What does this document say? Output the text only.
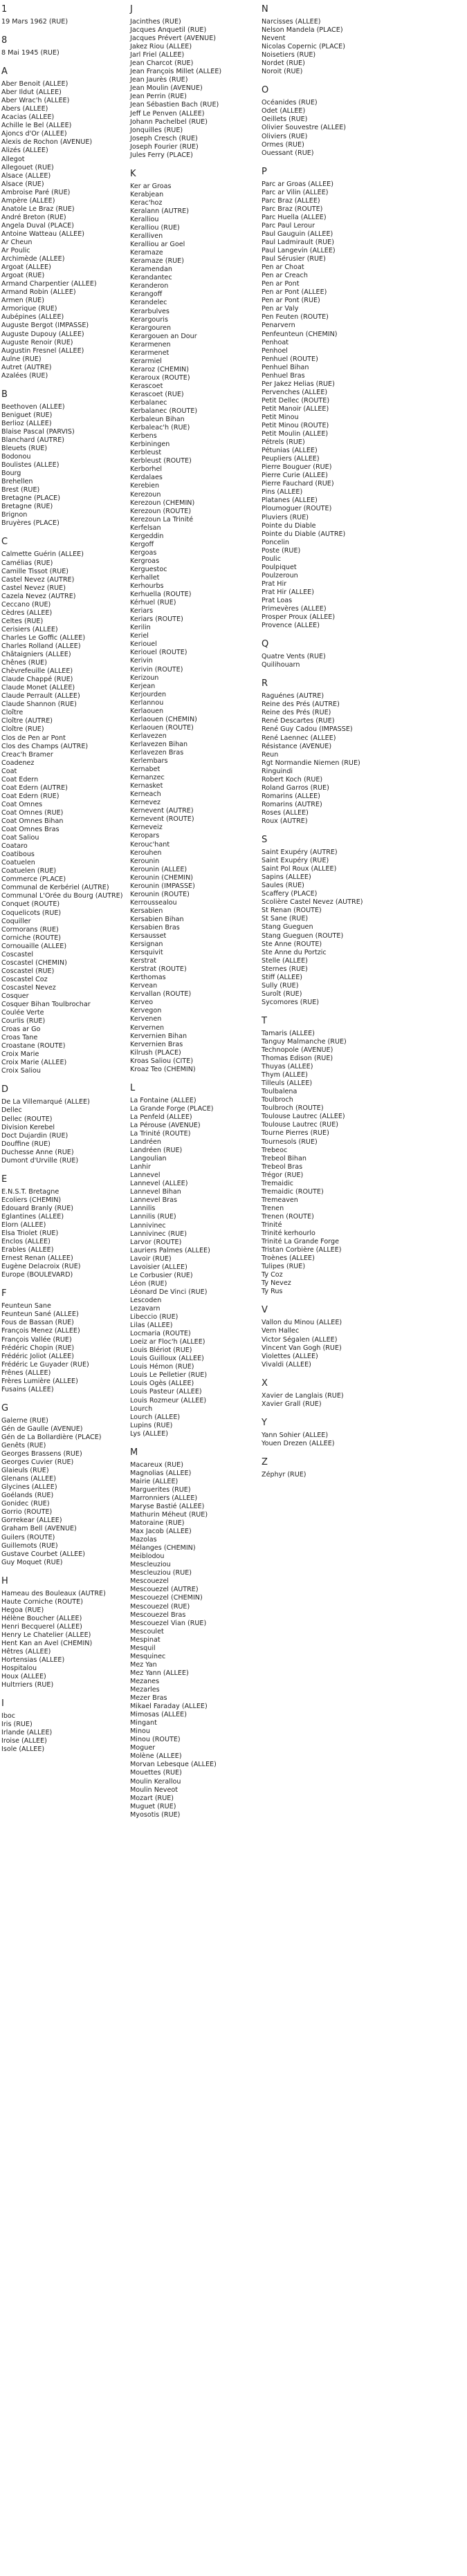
1
19 Mars 1962 (RUE)
8
8 Mai 1945 (RUE)
A
Aber Benoit (ALLEE)
Aber Ildut (ALLEE)
Aber Wrac'h (ALLEE)
Abers (ALLEE)
Acacias (ALLEE)
Achille le Bel (ALLEE)
Ajoncs d'Or (ALLEE)
Alexis de Rochon (AVENUE)
Alizés (ALLEE)
Allegot
Allegouet (RUE)
Alsace (ALLEE)
Alsace (RUE)
Ambroise Paré (RUE)
Ampère (ALLEE)
Anatole Le Braz (RUE)
André Breton (RUE)
Angela Duval (PLACE)
Antoine Watteau (ALLEE)
Ar Cheun
Ar Poulic
Archimède (ALLEE)
Argoat (ALLEE)
Argoat (RUE)
Armand Charpentier (ALLEE)
Armand Robin (ALLEE)
Armen (RUE)
Armorique (RUE)
Aubépines (ALLEE)
Auguste Bergot (IMPASSE)
Auguste Dupouy (ALLEE)
Auguste Renoir (RUE)
Augustin Fresnel (ALLEE)
Aulne (RUE)
Autret (AUTRE)
Azalées (RUE)
B
Beethoven (ALLEE)
Beniguet (RUE)
Berlioz (ALLEE)
Blaise Pascal (PARVIS)
Blanchard (AUTRE)
Bleuets (RUE)
Bodonou
Boulistes (ALLEE)
Bourg
Brehellen
Brest (RUE)
Bretagne (PLACE)
Bretagne (RUE)
Brignon
Bruyères (PLACE)
C
Calmette Guérin (ALLEE)
Camélias (RUE)
Camille Tissot (RUE)
Castel Nevez (AUTRE)
Castel Nevez (RUE)
Cazela Nevez (AUTRE)
Ceccano (RUE)
Cèdres (ALLEE)
Celtes (RUE)
Cerisiers (ALLEE)
Charles Le Goffic (ALLEE)
Charles Rolland (ALLEE)
Châtaigniers (ALLEE)
Chênes (RUE)
Chèvrefeuille (ALLEE)
Claude Chappé (RUE)
Claude Monet (ALLEE)
Claude Perrault (ALLEE)
Claude Shannon (RUE)
Cloître
Cloître (AUTRE)
Cloître (RUE)
Clos de Pen ar Pont
Clos des Champs (AUTRE)
Creac'h Bramer
Coadenez
Coat
Coat Edern
Coat Edern (AUTRE)
Coat Edern (RUE)
Coat Omnes
Coat Omnes (RUE)
Coat Omnes Bihan
Coat Omnes Bras
Coat Saliou
Coataro
Coatibous
Coatuelen
Coatuelen (RUE)
Commerce (PLACE)
Communal de Kerbériel (AUTRE)
Communal L'Orée du Bourg (AUTRE)
Conquet (ROUTE)
Coquelicots (RUE)
Coquiller
Cormorans (RUE)
Corniche (ROUTE)
Cornouaille (ALLEE)
Coscastel
Coscastel (CHEMIN)
Coscastel (RUE)
Coscastel Coz
Coscastel Nevez
Cosquer
Cosquer Bihan Toulbrochar
Coulée Verte
Courlis (RUE)
Croas ar Go
Croas Tane
Croastane (ROUTE)
Croix Marie
Croix Marie (ALLEE)
Croix Saliou
D
De La Villemarqué (ALLEE)
Dellec
Dellec (ROUTE)
Division Kerebel
Doct Dujardin (RUE)
Douffine (RUE)
Duchesse Anne (RUE)
Dumont d'Urville (RUE)
E
E.N.S.T. Bretagne
Ecoliers (CHEMIN)
Edouard Branly (RUE)
Eglantines (ALLEE)
Elorn (ALLEE)
Elsa Triolet (RUE)
Enclos (ALLEE)
Erables (ALLEE)
Ernest Renan (ALLEE)
Eugène Delacroix (RUE)
Europe (BOULEVARD)
F
Feunteun Sane
Feunteun Sané (ALLEE)
Fous de Bassan (RUE)
François Menez (ALLEE)
François Vallée (RUE)
Frédéric Chopin (RUE)
Frédéric Joliot (ALLEE)
Frédéric Le Guyader (RUE)
Frênes (ALLEE)
Frères Lumière (ALLEE)
Fusains (ALLEE)
G
Galerne (RUE)
Gén de Gaulle (AVENUE)
Gén de La Bollardière (PLACE)
Genêts (RUE)
Georges Brassens (RUE)
Georges Cuvier (RUE)
Glaieuls (RUE)
Glenans (ALLEE)
Glycines (ALLEE)
Goélands (RUE)
Gonidec (RUE)
Gorrio (ROUTE)
Gorrekear (ALLEE)
Graham Bell (AVENUE)
Guilers (ROUTE)
Guillemots (RUE)
Gustave Courbet (ALLEE)
Guy Moquet (RUE)
H
Hameau des Bouleaux (AUTRE)
Haute Corniche (ROUTE)
Hegoa (RUE)
Hélène Boucher (ALLEE)
Henri Becquerel (ALLEE)
Henry Le Chatelier (ALLEE)
Hent Kan an Avel (CHEMIN)
Hêtres (ALLEE)
Hortensias (ALLEE)
Hospitalou
Houx (ALLEE)
Hultrriers (RUE)
I
Iboc
Iris (RUE)
Irlande (ALLEE)
Iroise (ALLEE)
Isole (ALLEE)
J
Jacinthes (RUE)
Jacques Anquetil (RUE)
Jacques Prévert (AVENUE)
Jakez Riou (ALLEE)
Jarl Friel (ALLEE)
Jean Charcot (RUE)
Jean François Millet (ALLEE)
Jean Jaurès (RUE)
Jean Moulin (AVENUE)
Jean Perrin (RUE)
Jean Sébastien Bach (RUE)
Jeff Le Penven (ALLEE)
Johann Pachelbel (RUE)
Jonquilles (RUE)
Joseph Cresch (RUE)
Joseph Fourier (RUE)
Jules Ferry (PLACE)
K
Ker ar Groas
Kerabjean
Kerac'hoz
Keralann (AUTRE)
Keralliou
Keralliou (RUE)
Keralliven
Keralliou ar Goel
Keramaze
Keramaze (RUE)
Keramendan
Kerandantec
Keranderon
Kerangoff
Kerandelec
Kerarbulves
Kerargouris
Kerargouren
Kerargouen an Dour
Kerarmenen
Kerarmenet
Kerarmiel
Keraroz (CHEMIN)
Keraroux (ROUTE)
Kerascoet
Kerascoet (RUE)
Kerbalanec
Kerbalanec (ROUTE)
Kerbaleun Bihan
Kerbaleac'h (RUE)
Kerbens
Kerbiningen
Kerbleust
Kerbleust (ROUTE)
Kerborhel
Kerdalaes
Kerebien
Kerezoun
Kerezoun (CHEMIN)
Kerezoun (ROUTE)
Kerezoun La Trinité
Kerfelsan
Kergeddin
Kergoff
Kergoas
Kergroas
Kerguestoc
Kerhallet
Kerhourbs
Kerhuella (ROUTE)
Kérhuel (RUE)
Keriars
Keriars (ROUTE)
Kerilin
Keriel
Keriouel
Keriouel (ROUTE)
Kerivin
Kerivin (ROUTE)
Kerizoun
Kerjean
Kerjourden
Kerlannou
Kerlaouen
Kerlaouen (CHEMIN)
Kerlaouen (ROUTE)
Kerlavezen
Kerlavezen Bihan
Kerlavezen Bras
Kerlembars
Kernabet
Kernanzec
Kernasket
Kerneach
Kernevez
Kernevent (AUTRE)
Kernevent (ROUTE)
Kerneveiz
Keropars
Kerouc'hant
Kerouhen
Kerounin
Kerounin (ALLEE)
Kerounin (CHEMIN)
Kerounin (IMPASSE)
Kerounin (ROUTE)
Kerroussealou
Kersabien
Kersabien Bihan
Kersabien Bras
Kersausset
Kersignan
Kersquivit
Kerstrat
Kerstrat (ROUTE)
Kerthomas
Kervean
Kervallan (ROUTE)
Kerveo
Kervegon
Kervenen
Kervernen
Kervernien Bihan
Kervernien Bras
Kilrush (PLACE)
Kroas Saliou (CITE)
Kroaz Teo (CHEMIN)
L
La Fontaine (ALLEE)
La Grande Forge (PLACE)
La Penfeld (ALLEE)
La Pérouse (AVENUE)
La Trinité (ROUTE)
Landréen
Landréen (RUE)
Langoulian
Lanhir
Lannevel
Lannevel (ALLEE)
Lannevel Bihan
Lannevel Bras
Lannilis
Lannilis (RUE)
Lannivinec
Lannivinec (RUE)
Larvor (ROUTE)
Lauriers Palmes (ALLEE)
Lavoir (RUE)
Lavoisier (ALLEE)
Le Corbusier (RUE)
Léon (RUE)
Léonard De Vinci (RUE)
Lescoden
Lezavarn
Libeccio (RUE)
Lilas (ALLEE)
Locmaria (ROUTE)
Loeiz ar Floc'h (ALLEE)
Louis Blériot (RUE)
Louis Guilloux (ALLEE)
Louis Hémon (RUE)
Louis Le Pelletier (RUE)
Louis Ogès (ALLEE)
Louis Pasteur (ALLEE)
Louis Rozmeur (ALLEE)
Lourch
Lourch (ALLEE)
Lupins (RUE)
Lys (ALLEE)
M
Macareux (RUE)
Magnolias (ALLEE)
Mairie (ALLEE)
Marguerites (RUE)
Marronniers (ALLEE)
Maryse Bastié (ALLEE)
Mathurin Méheut (RUE)
Matoraine (RUE)
Max Jacob (ALLEE)
Mazolas
Mélanges (CHEMIN)
Meiblodou
Mescleuziou
Mescleuziou (RUE)
Mescouezel
Mescouezel (AUTRE)
Mescouezel (CHEMIN)
Mescouezel (RUE)
Mescouezel Bras
Mescouezel Vian (RUE)
Mescoulet
Mespinat
Mesquil
Mesquinec
Mez Yan
Mez Yann (ALLEE)
Mezanes
Mezarles
Mezer Bras
Mikael Faraday (ALLEE)
Mimosas (ALLEE)
Mingant
Minou
Minou (ROUTE)
Moguer
Molène (ALLEE)
Morvan Lebesque (ALLEE)
Mouettes (RUE)
Moulin Kerallou
Moulin Neveot
Mozart (RUE)
Muguet (RUE)
Myosotis (RUE)
N
Narcisses (ALLEE)
Nelson Mandela (PLACE)
Nevent
Nicolas Copernic (PLACE)
Noisetiers (RUE)
Nordet (RUE)
Noroit (RUE)
O
Océanides (RUE)
Odet (ALLEE)
Oeillets (RUE)
Olivier Souvestre (ALLEE)
Oliviers (RUE)
Ormes (RUE)
Ouessant (RUE)
P
Parc ar Groas (ALLEE)
Parc ar Vilin (ALLEE)
Parc Braz (ALLEE)
Parc Braz (ROUTE)
Parc Huella (ALLEE)
Parc Paul Lerour
Paul Gauguin (ALLEE)
Paul Ladmirault (RUE)
Paul Langevin (ALLEE)
Paul Sérusier (RUE)
Pen ar Choat
Pen ar Creach
Pen ar Pont
Pen ar Pont (ALLEE)
Pen ar Pont (RUE)
Pen ar Valy
Pen Feuten (ROUTE)
Penarvern
Penfeunteun (CHEMIN)
Penhoat
Penhoel
Penhuel (ROUTE)
Penhuel Bihan
Penhuel Bras
Per Jakez Helias (RUE)
Pervenches (ALLEE)
Petit Dellec (ROUTE)
Petit Manoir (ALLEE)
Petit Minou
Petit Minou (ROUTE)
Petit Moulin (ALLEE)
Pétrels (RUE)
Pétunias (ALLEE)
Peupliers (ALLEE)
Pierre Bouguer (RUE)
Pierre Curie (ALLEE)
Pierre Fauchard (RUE)
Pins (ALLEE)
Platanes (ALLEE)
Ploumoguer (ROUTE)
Pluviers (RUE)
Pointe du Diable
Pointe du Diable (AUTRE)
Poncelin
Poste (RUE)
Poulic
Poulpiquet
Poulzeroun
Prat Hir
Prat Hir (ALLEE)
Prat Loas
Primevères (ALLEE)
Prosper Proux (ALLEE)
Provence (ALLEE)
Q
Quatre Vents (RUE)
Quilihouarn
R
Raguénes (AUTRE)
Reine des Prés (AUTRE)
Reine des Prés (RUE)
René Descartes (RUE)
René Guy Cadou (IMPASSE)
René Laennec (ALLEE)
Résistance (AVENUE)
Reun
Rgt Normandie Niemen (RUE)
Ringuindi
Robert Koch (RUE)
Roland Garros (RUE)
Romarins (ALLEE)
Romarins (AUTRE)
Roses (ALLEE)
Roux (AUTRE)
S
Saint Exupéry (AUTRE)
Saint Exupéry (RUE)
Saint Pol Roux (ALLEE)
Sapins (ALLEE)
Saules (RUE)
Scaffery (PLACE)
Scolière Castel Nevez (AUTRE)
St Renan (ROUTE)
St Sane (RUE)
Stang Gueguen
Stang Gueguen (ROUTE)
Ste Anne (ROUTE)
Ste Anne du Portzic
Stelle (ALLEE)
Sternes (RUE)
Stiff (ALLEE)
Sully (RUE)
Suroît (RUE)
Sycomores (RUE)
T
Tamaris (ALLEE)
Tanguy Malmanche (RUE)
Technopole (AVENUE)
Thomas Edison (RUE)
Thuyas (ALLEE)
Thym (ALLEE)
Tilleuls (ALLEE)
Toulbalena
Toulbroch
Toulbroch (ROUTE)
Toulouse Lautrec (ALLEE)
Toulouse Lautrec (RUE)
Tourne Pierres (RUE)
Tournesols (RUE)
Trebeoc
Trebeol Bihan
Trebeol Bras
Trégor (RUE)
Tremaidic
Tremaidic (ROUTE)
Tremeaven
Trenen
Trenen (ROUTE)
Trinité
Trinité kerhourlo
Trinité La Grande Forge
Tristan Corbière (ALLEE)
Troènes (ALLEE)
Tulipes (RUE)
Ty Coz
Ty Nevez
Ty Rus
V
Vallon du Minou (ALLEE)
Vern Hallec
Victor Ségalen (ALLEE)
Vincent Van Gogh (RUE)
Violettes (ALLEE)
Vivaldi (ALLEE)
X
Xavier de Langlais (RUE)
Xavier Grall (RUE)
Y
Yann Sohier (ALLEE)
Youen Drezen (ALLEE)
Z
Zéphyr (RUE)
